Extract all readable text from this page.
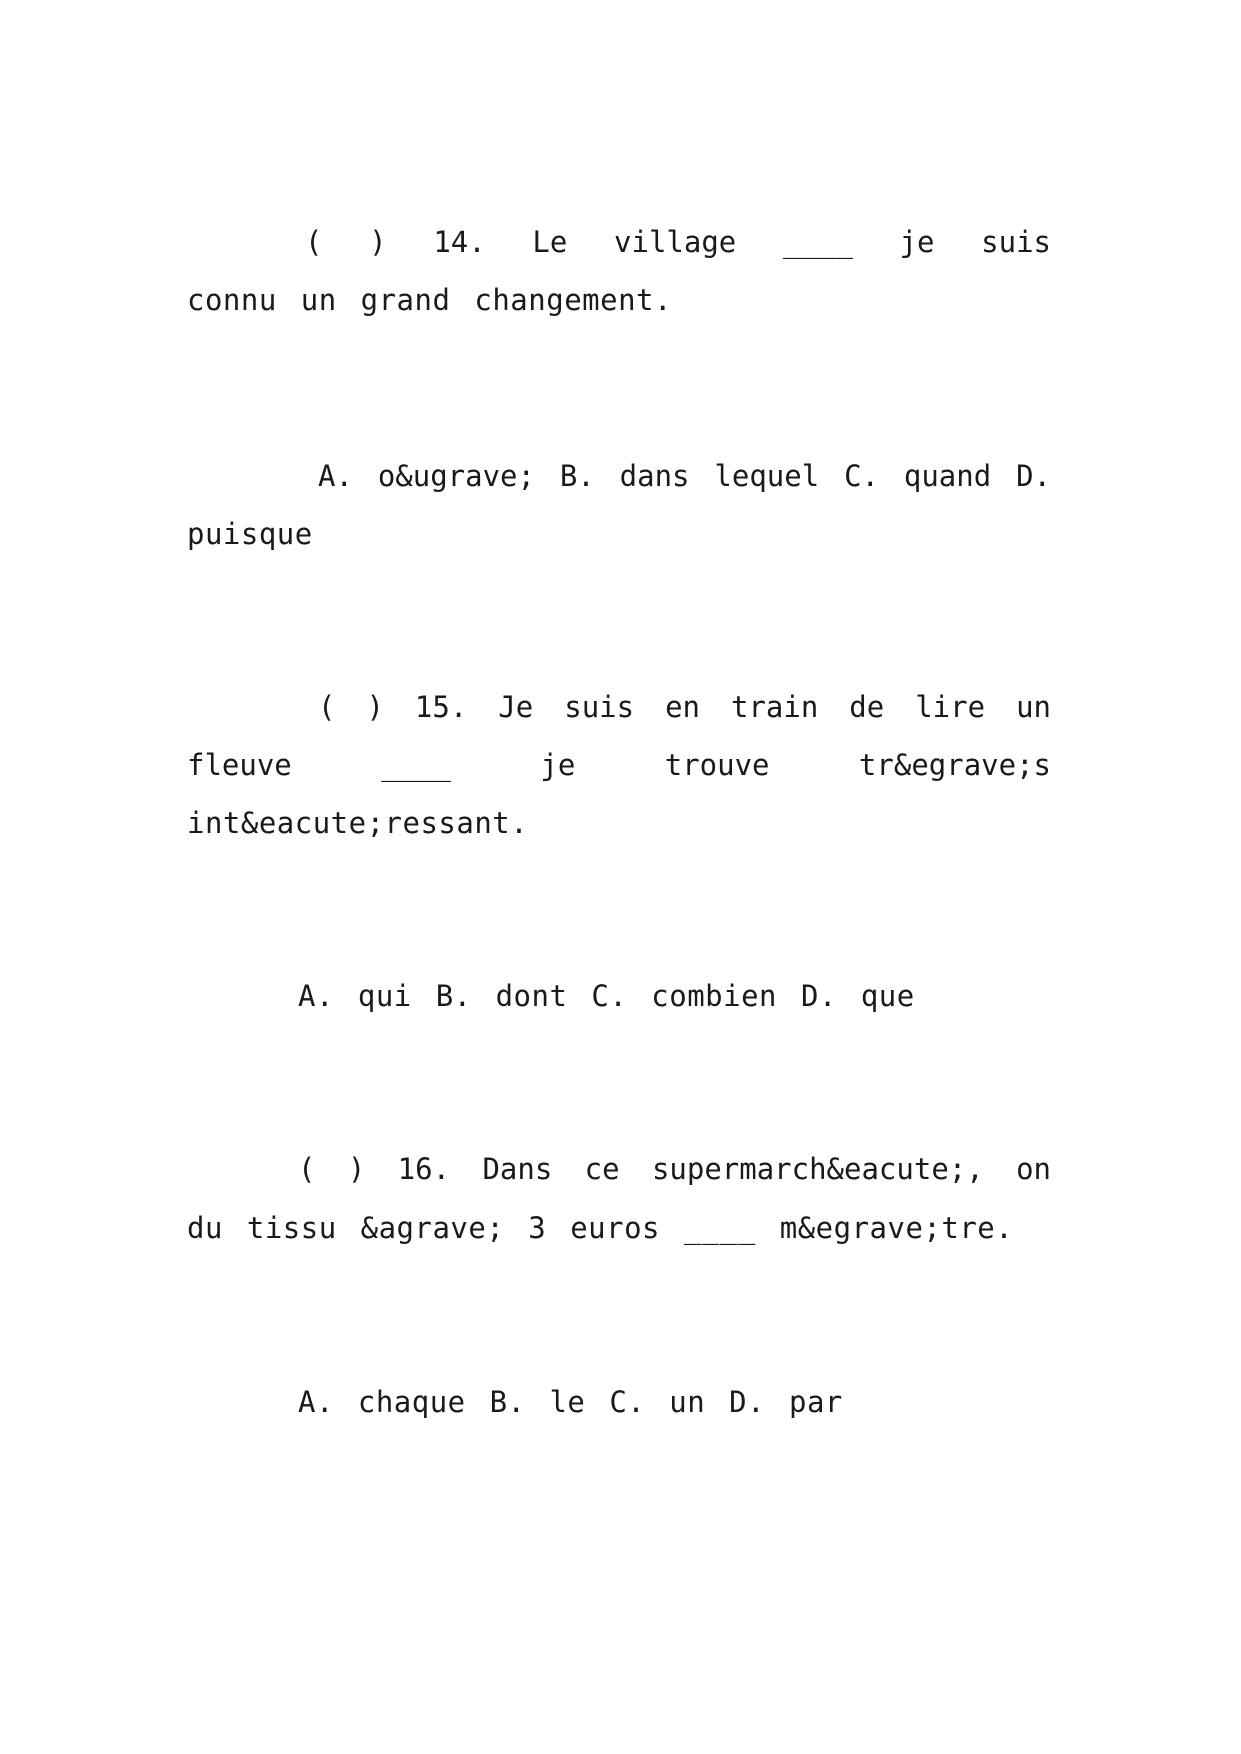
( ) 14. Le village ____ je suis

connu un grand changement.

A. o&ugrave; B. dans lequel C. quand D.

puisque

( ) 15. Je suis en train de lire un

fleuve ____ je trouve tr&egrave;s

int&eacute;ressant.

A. qui B. dont C. combien D. que

( ) 16. Dans ce supermarch&eacute;, on

du tissu &agrave; 3 euros ____ m&egrave;tre.

A. chaque B. le C. un D. par
